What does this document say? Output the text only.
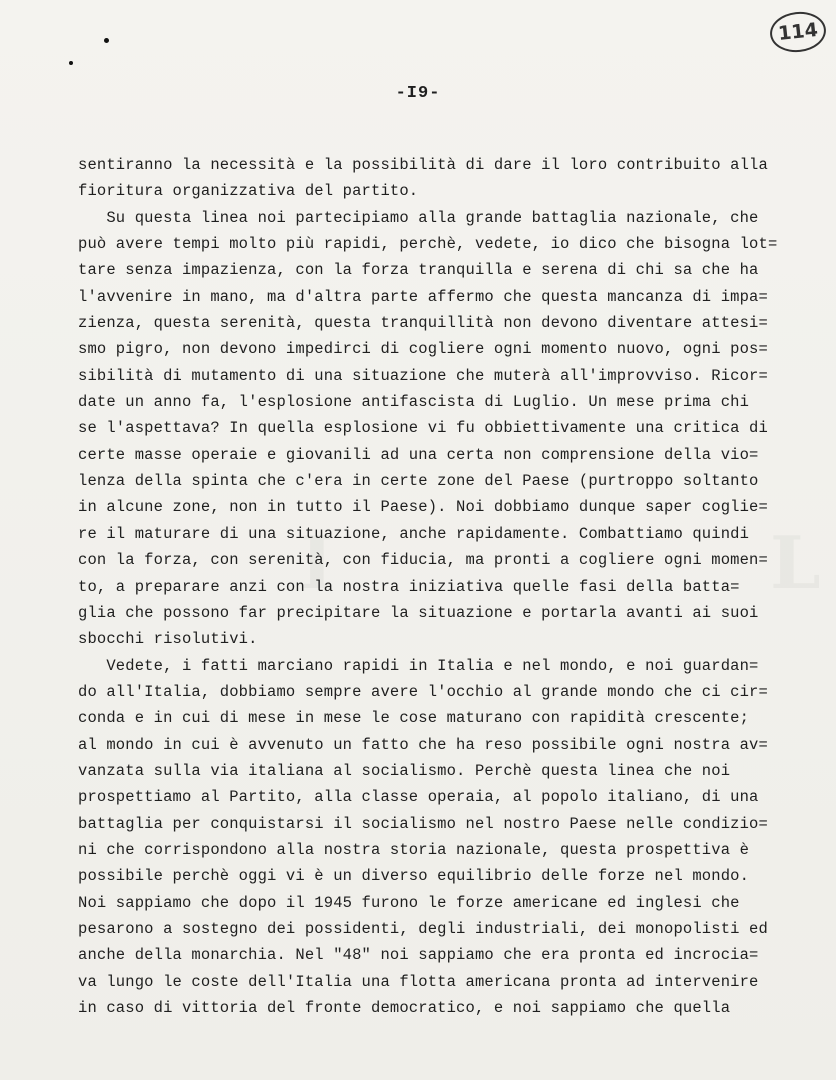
114
-I9-
sentiranno la necessità e la possibilità di dare il loro contribuito alla
fioritura organizzativa del partito.
Su questa linea noi partecipiamo alla grande battaglia nazionale, che
può avere tempi molto più rapidi, perchè, vedete, io dico che bisogna lot=
tare senza impazienza, con la forza tranquilla e serena di chi sa che ha
l'avvenire in mano, ma d'altra parte affermo che questa mancanza di impa=
zienza, questa serenità, questa tranquillità non devono diventare attesi=
smo pigro, non devono impedirci di cogliere ogni momento nuovo, ogni pos=
sibilità di mutamento di una situazione che muterà all'improvviso. Ricor=
date un anno fa, l'esplosione antifascista di Luglio. Un mese prima chi
se l'aspettava? In quella esplosione vi fu obbiettivamente una critica di
certe masse operaie e giovanili ad una certa non comprensione della vio=
lenza della spinta che c'era in certe zone del Paese (purtroppo soltanto
in alcune zone, non in tutto il Paese). Noi dobbiamo dunque saper coglie=
re il maturare di una situazione, anche rapidamente. Combattiamo quindi
con la forza, con serenità, con fiducia, ma pronti a cogliere ogni momen=
to, a preparare anzi con la nostra iniziativa quelle fasi della batta=
glia che possono far precipitare la situazione e portarla avanti ai suoi
sbocchi risolutivi.
Vedete, i fatti marciano rapidi in Italia e nel mondo, e noi guardan=
do all'Italia, dobbiamo sempre avere l'occhio al grande mondo che ci cir=
conda e in cui di mese in mese le cose maturano con rapidità crescente;
al mondo in cui è avvenuto un fatto che ha reso possibile ogni nostra av=
vanzata sulla via italiana al socialismo. Perchè questa linea che noi
prospettiamo al Partito, alla classe operaia, al popolo italiano, di una
battaglia per conquistarsi il socialismo nel nostro Paese nelle condizio=
ni che corrispondono alla nostra storia nazionale, questa prospettiva è
possibile perchè oggi vi è un diverso equilibrio delle forze nel mondo.
Noi sappiamo che dopo il 1945 furono le forze americane ed inglesi che
pesarono a sostegno dei possidenti, degli industriali, dei monopolisti ed
anche della monarchia. Nel "48" noi sappiamo che era pronta ed incrocia=
va lungo le coste dell'Italia una flotta americana pronta ad intervenire
in caso di vittoria del fronte democratico, e noi sappiamo che quella
